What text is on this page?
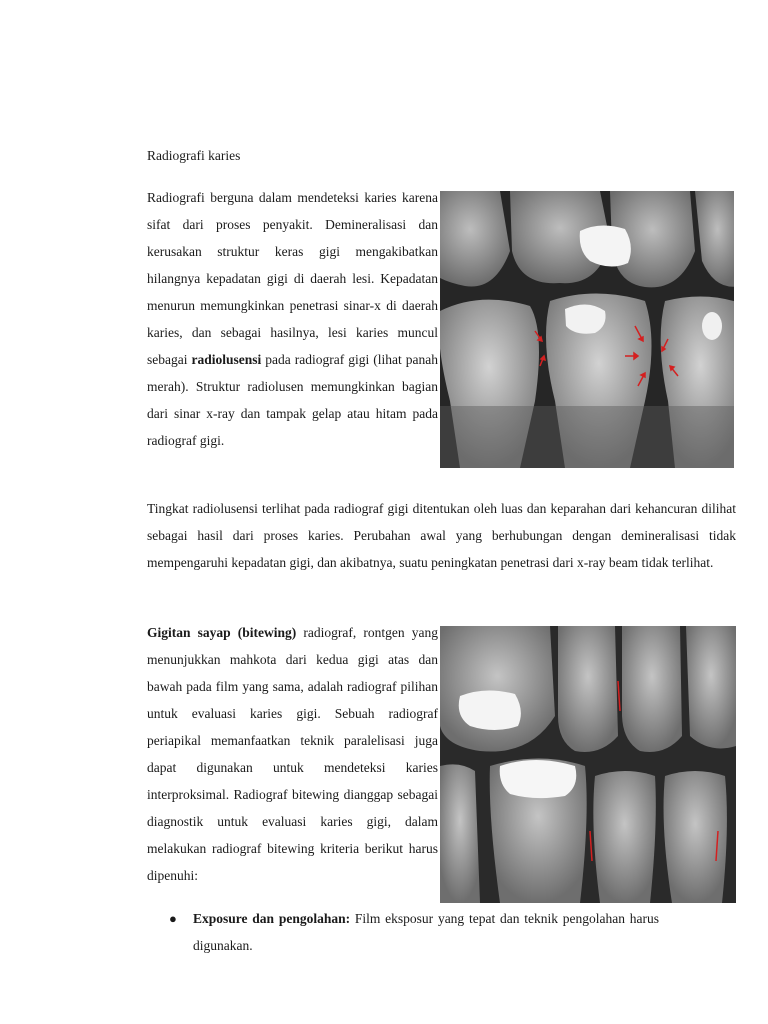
Radiografi karies

Radiografi berguna dalam mendeteksi karies karena sifat dari proses penyakit. Demineralisasi dan kerusakan struktur keras gigi mengakibatkan hilangnya kepadatan gigi di daerah lesi. Kepadatan menurun memungkinkan penetrasi sinar-x di daerah karies, dan sebagai hasilnya, lesi karies muncul sebagai radiolusensi pada radiograf gigi (lihat panah merah). Struktur radiolusen memungkinkan bagian dari sinar x-ray dan tampak gelap atau hitam pada radiograf gigi.

Tingkat radiolusensi terlihat pada radiograf gigi ditentukan oleh luas dan keparahan dari kehancuran dilihat sebagai hasil dari proses karies. Perubahan awal yang berhubungan dengan demineralisasi tidak mempengaruhi kepadatan gigi, dan akibatnya, suatu peningkatan penetrasi dari x-ray beam tidak terlihat.

Gigitan sayap (bitewing) radiograf, rontgen yang menunjukkan mahkota dari kedua gigi atas dan bawah pada film yang sama, adalah radiograf pilihan untuk evaluasi karies gigi. Sebuah radiograf periapikal memanfaatkan teknik paralelisasi juga dapat digunakan untuk mendeteksi karies interproksimal. Radiograf bitewing dianggap sebagai diagnostik untuk evaluasi karies gigi, dalam melakukan radiograf bitewing kriteria berikut harus dipenuhi:

● Exposure dan pengolahan: Film eksposur yang tepat dan teknik pengolahan harus digunakan.
